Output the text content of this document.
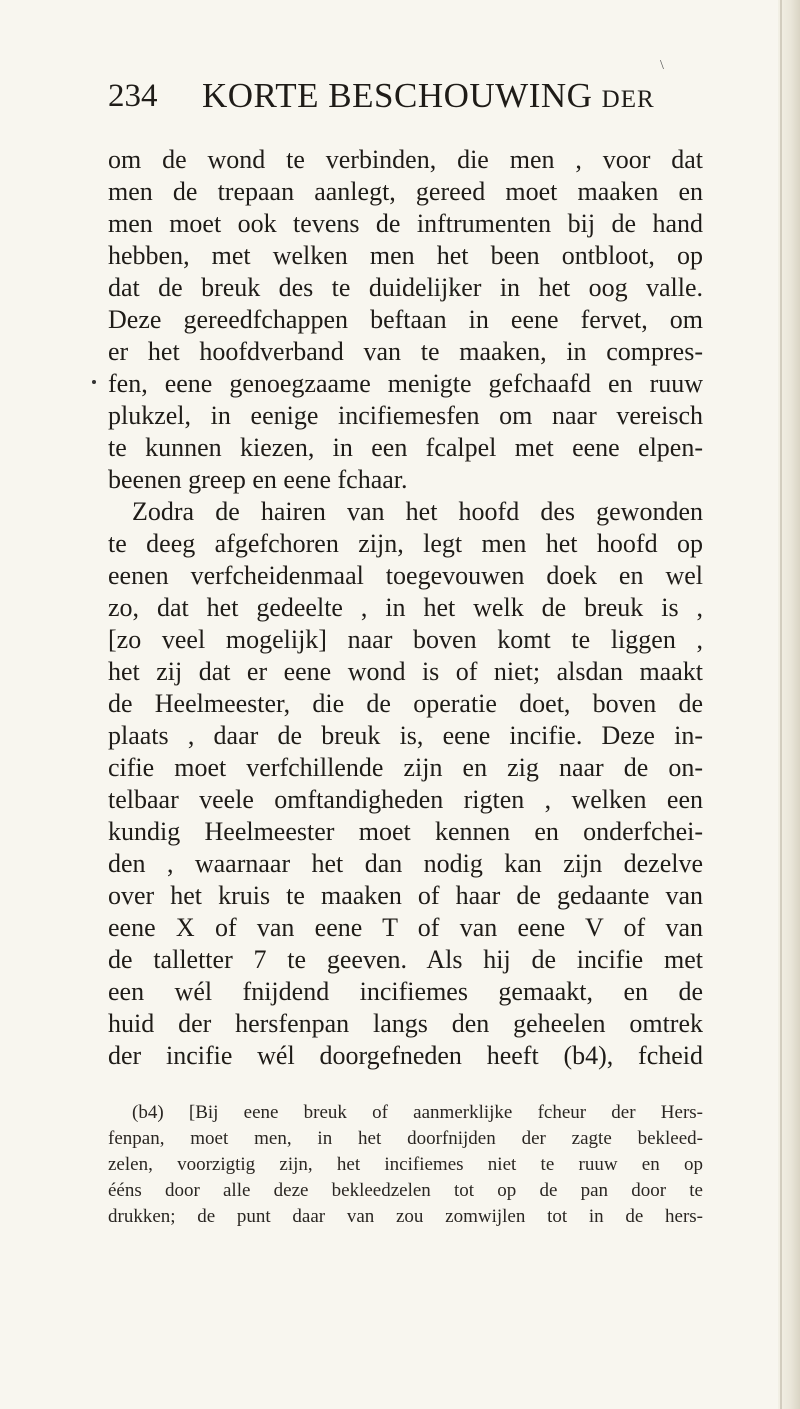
\
234 KORTE BESCHOUWING DER
om de wond te verbinden, die men , voor dat
men de trepaan aanlegt, gereed moet maaken en
men moet ook tevens de inftrumenten bij de hand
hebben, met welken men het been ontbloot, op
dat de breuk des te duidelijker in het oog valle.
Deze gereedfchappen beftaan in eene fervet, om
er het hoofdverband van te maaken, in compres-
fen, eene genoegzaame menigte gefchaafd en ruuw
plukzel, in eenige incifiemesfen om naar vereisch
te kunnen kiezen, in een fcalpel met eene elpen-
beenen greep en eene fchaar.
Zodra de hairen van het hoofd des gewonden
te deeg afgefchoren zijn, legt men het hoofd op
eenen verfcheidenmaal toegevouwen doek en wel
zo, dat het gedeelte , in het welk de breuk is ,
[zo veel mogelijk] naar boven komt te liggen ,
het zij dat er eene wond is of niet; alsdan maakt
de Heelmeester, die de operatie doet, boven de
plaats , daar de breuk is, eene incifie. Deze in-
cifie moet verfchillende zijn en zig naar de on-
telbaar veele omftandigheden rigten , welken een
kundig Heelmeester moet kennen en onderfchei-
den , waarnaar het dan nodig kan zijn dezelve
over het kruis te maaken of haar de gedaante van
eene X of van eene T of van eene V of van
de talletter 7 te geeven. Als hij de incifie met
een wél fnijdend incifiemes gemaakt, en de
huid der hersfenpan langs den geheelen omtrek
der incifie wél doorgefneden heeft (b4), fcheid
(b4) [Bij eene breuk of aanmerklijke fcheur der Hers-
fenpan, moet men, in het doorfnijden der zagte bekleed-
zelen, voorzigtig zijn, het incifiemes niet te ruuw en op
ééns door alle deze bekleedzelen tot op de pan door te
drukken; de punt daar van zou zomwijlen tot in de hers-
